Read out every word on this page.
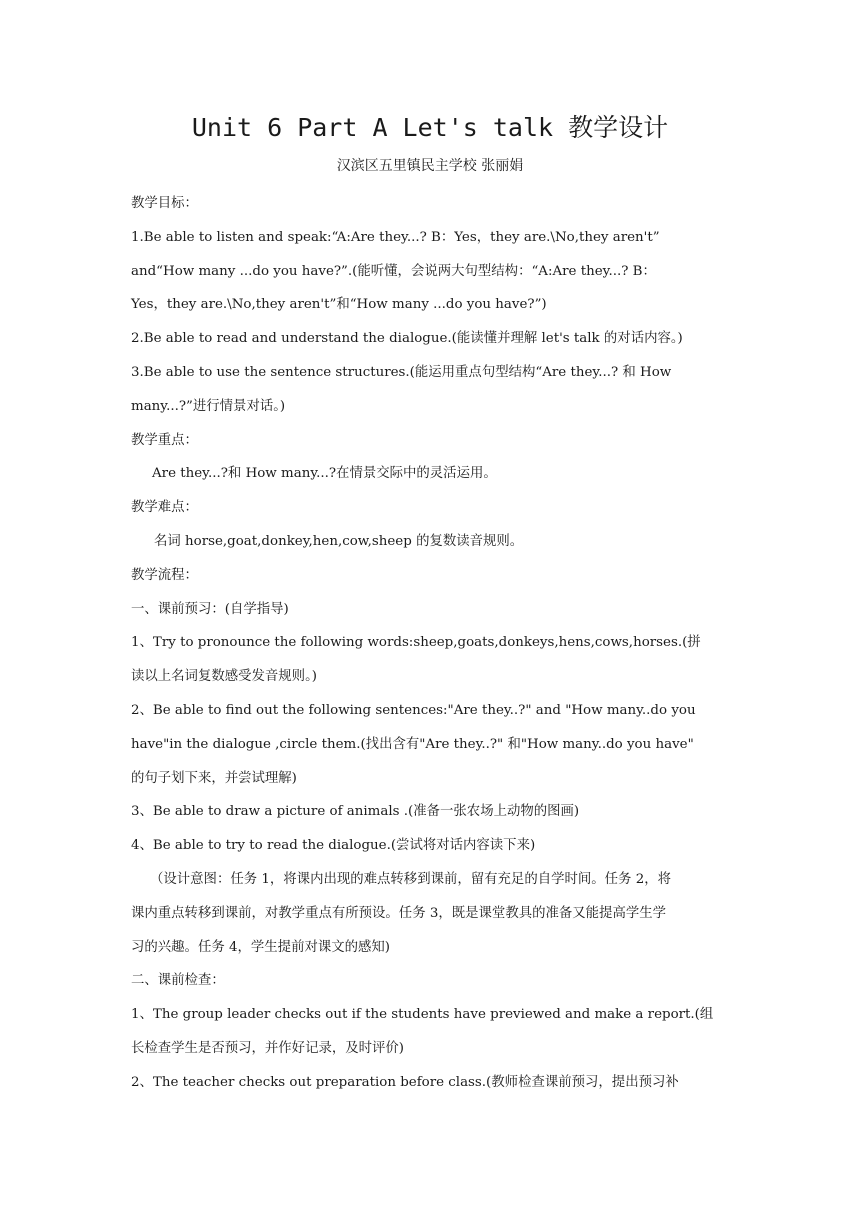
Unit 6 Part A Let's talk 教学设计
汉滨区五里镇民主学校 张丽娟
教学目标：
1.Be able to listen and speak:“A:Are they...? B：Yes，they are.\No,they aren't”
and“How many ...do you have?”.(能听懂，会说两大句型结构：“A:Are they...? B：
Yes，they are.\No,they aren't”和“How many ...do you have?”)
2.Be able to read and understand the dialogue.(能读懂并理解 let's talk 的对话内容。)
3.Be able to use the sentence structures.(能运用重点句型结构“Are they...? 和 How
many...?”进行情景对话。)
教学重点：
Are they...?和 How many...?在情景交际中的灵活运用。
教学难点：
名词 horse,goat,donkey,hen,cow,sheep 的复数读音规则。
教学流程：
一、课前预习：(自学指导)
1、Try to pronounce the following words:sheep,goats,donkeys,hens,cows,horses.(拼
读以上名词复数感受发音规则。)
2、Be able to find out the following sentences:"Are they..?" and "How many..do you
have"in the dialogue ,circle them.(找出含有"Are they..?" 和"How many..do you have"
的句子划下来，并尝试理解)
3、Be able to draw a picture of animals .(准备一张农场上动物的图画)
4、Be able to try to read the dialogue.(尝试将对话内容读下来)
（设计意图：任务 1，将课内出现的难点转移到课前，留有充足的自学时间。任务 2，将
课内重点转移到课前，对教学重点有所预设。任务 3，既是课堂教具的准备又能提高学生学
习的兴趣。任务 4，学生提前对课文的感知)
二、课前检查：
1、The group leader checks out if the students have previewed and make a report.(组
长检查学生是否预习，并作好记录，及时评价)
2、The teacher checks out preparation before class.(教师检查课前预习，提出预习补
